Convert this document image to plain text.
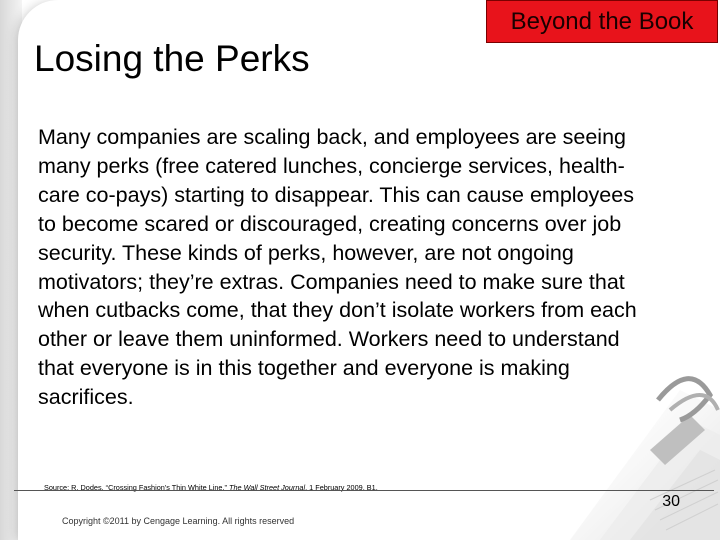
Losing the Perks
Beyond the Book
Many companies are scaling back, and employees are seeing many perks (free catered lunches, concierge services, health-care co-pays) starting to disappear. This can cause employees to become scared or discouraged, creating concerns over job security. These kinds of perks, however, are not ongoing motivators; they’re extras. Companies need to make sure that when cutbacks come, that they don’t isolate workers from each other or leave them uninformed. Workers need to understand that everyone is in this together and everyone is making sacrifices.
Source: R. Dodes, “Crossing Fashion's Thin White Line,” The Wall Street Journal, 1 February 2009, B1.
30
Copyright ©2011 by Cengage Learning. All rights reserved
